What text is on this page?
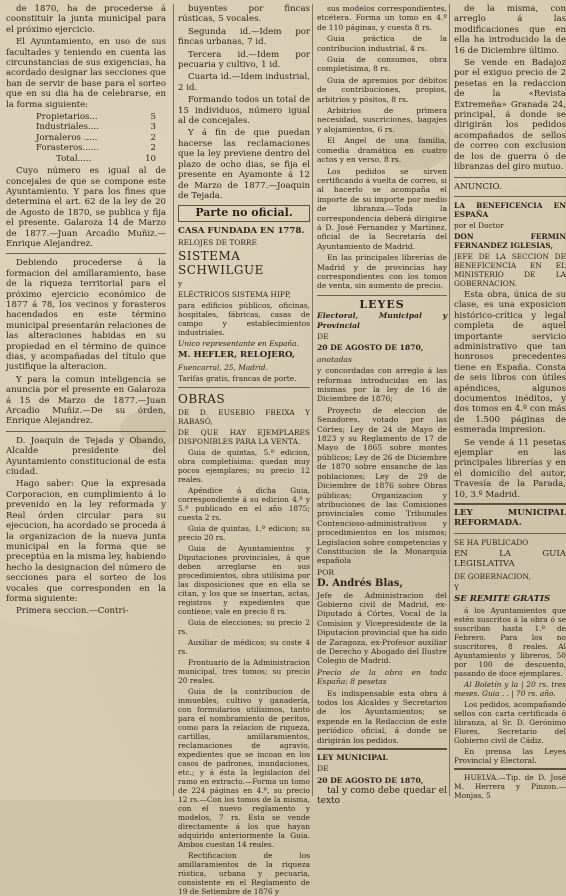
de 1870, ha de procederse á coonstituir la junta municipal para el próximo ejercicio.

El Ayuntamiento, en uso de sus facultades y teniendo en cuenta las circunstancias de sus exigencias, ha acordado designar las secciones que han de servir de base para el sorteo que en su dia ha de celebrarse, en la forma siguiente:

Propietarios...	5
Industriales....	3
Jornaleros .....	2
Forasteros......	2
Total.....	10

Cuyo número es igual al de concejales de que se compone este Ayuntamiento. Y para los fines que determina el art. 62 de la ley de 20 de Agosto de 1870, se publica y fija el presente. Galaroza 14 de Marzo de 1877.—Juan Arcadio Muñiz.—Enrique Alejandrez.

Debiendo procederse á la formacion del amillaramiento, base de la riqueza territorial para el próximo ejercicio económico de 1877 á 78, los vecinos y forasteros hacendados en este término municipal presentarán relaciones de las alteraciones habidas en su propiedad en el término de quince dias, y acompañadas del título que justifique la alteracion.

Y para la comun inteligencia se anuncia por el presente en Galaroza á 15 de Marzo de 1877.—Juan Arcadio Muñiz.—De su órden, Enrique Alejandrez.

D. Joaquin de Tejada y Obando, Alcalde presidente del Ayuntamiento constitucional de esta ciudad.

Hago saber: Que la expresada Corporacion, en cumplimiento á lo prevenido en la ley reformada y Real órden circular para su ejecucion, ha acordado se proceda á la organizacion de la nueva junta municipal en la forma que se preceptúa en la misma ley, habiendo hecho la designacion del número de secciones para el sorteo de los vocales que corresponden en la forma siguiente:

Primera seccion.—Contri-

buyentes por fincas rústicas, 5 vocales.

Segunda id.—Idem por fincas urbanas, 7 id.

Tercera id.—Idem por pecuaria y cultivo, 1 id.

Cuarta id.—Idem industrial, 2 id.

Formando todos un total de 15 individuos, número igual al de concejales.

Y á fin de que puedan hacerse las reclamaciones que la ley previene dentro del plazo de ocho dias, se fija el presente en Ayamonte á 12 de Marzo de 1877.—Joaquin de Tejada.

Parte no oficial.

CASA FUNDADA EN 1778.

RELOJES DE TORRE

SISTEMA SCHWILGUE

y

ELÉCTRICOS SISTEMA HIPP,

para edificios públicos, oficinas, hospitales, fábricas, casas de campo y establecimientos industriales.

Unico representante en España.

M. HEFLER, RELOJERO,

Fuencarral, 25, Madrid.

Tarifas gratis, francas de porte.

OBRAS

DE D. EUSEBIO FREIXA Y RABASÓ,

DE QUE HAY EJEMPLARES DISPONIBLES PARA LA VENTA.

Guia de quintas, 5.ª edicion, obra completísima: quedan muy pocos ejemplares; su precio 12 reales.

Apéndice á dicha Guia, correspondiente á su edicion 4.ª y 5.ª publicado en el año 1875; cuesta 2 rs.

Guia de quintas, 1.ª edicion; su precio 20 rs.

Guia de Ayuntamientos y Diputaciones provinciales, á que deben arreglarse en sus procedimientos, obra utilísima por las disposiciones que en ella se citan, y los que se insertan, actas, registros y expedientes que contiene; vale en precio 8 rs.

Guia de elecciones; su precio 2 rs.

Auxiliar de médicos; su coste 4 rs.

Prontuario de la Administracion municipal, tres tomos; su precio 20 reales.

Guia de la contribucion de inmuebles, cultivo y ganadería, con formularios utilísimos, tanto para el nombramiento de peritos, como para la relacion de riqueza, cartillas, amillaramientos, reclamaciones de agravio, expedientes que se incoan en los casos de padrones, inundaciones, etc.; y á ésta la legislacion del ramo en extracto.—Forma un tomo de 224 páginas en 4.º, su precio 12 rs.—Con los tomos de la misma, con el nuevo reglamento y modelos, 7 rs. Esta se vende directamente á los que hayan adquirido anteriormente la Guia. Ambos cuestan 14 reales.

Rectificacion de los amillaramientos de la riqueza rústica, urbana y pecuaria, consistente en el Reglamento de 19 de Setiembre de 1876 y

sus modelos correspondientes, etcétera. Forma un tomo en 4.º de 110 páginas, y cuesta 8 rs.

Guia práctica de la contribucion industrial, 4 rs.

Guia de consumos, obra completísima, 8 rs.

Guia de apremios por débitos de contribuciones, propios, arbitrios y pósitos, 8 rs.

Arbitrios de primera necesidad, suscriciones, bagajes y alojamientos, 6 rs.

El Angel de una familia, comedia dramática en cuatro actos y en verso, 8 rs.

Los pedidos se sirven certificando á vuelta de correo, si al hacerlo se acompaña el importe de su importe por medio de libranza.—Toda la correspondencia deberá dirigirse á D. José Fernandez y Martinez, oficial de la Secretaría del Ayuntamiento de Madrid.

En las principales librerías de Madrid y de provincias hay correspondientes con los tomos de venta, sin aumento de precio.

LEYES

Electoral, Municipal y Provincial

DE

20 DE AGOSTO DE 1870,

anotadas

y concordadas con arreglo á las reformas introducidas en las mismas por la ley de 16 de Diciembre de 1876;

Proyecto de eleccion de Senadores, votado por las Córtes; Ley de 24 de Mayo de 1823 y su Reglamento de 17 de Mayo de 1865 sobre montes públicos; Ley de 26 de Diciembre de 1870 sobre ensanche de las poblaciones; Ley de 29 de Diciembre de 1876 sobre Obras públicas; Organizacion y atribuciones de las Comisiones provinciales como Tribunales Contencioso-administrativos y procedimientos en los mismos; Legislacion sobre competencias y Constitucion de la Monarquía española

POR

D. Andrés Blas,

Jefe de Administracion del Gobierno civil de Madrid, ex-Diputado á Córtes, Vocal de la Comision y Vicepresidente de la Diputacion provincial que ha sido de Zaragoza, ex-Profesor auxiliar de Derecho y Abogado del Ilustre Colegio de Madrid.

Precio de la obra en toda España: 8 pesetas

Es indispensable esta obra á todos los Alcaldes y Secretarios de los Ayuntamientos; se expende en la Redaccion de este periódico oficial, á donde se dirigirán los pedidos.

LEY MUNICIPAL

DE

20 DE AGOSTO DE 1870,

tal y como debe quedar el texto

de la misma, con arreglo á las modificaciones que en ella ha introducido la de 16 de Diciembre último.

Se vende en Badajoz por el exiguo precio de 2 pesetas en la redaccion de la «Revista Extremeña» Granada 24, principal, á donde se dirigirán los pedidos acompañados de sellos de correo con exclusion de los de guerra ó de libranzas del giro mutuo.

ANUNCIO.

LA BENEFICENCIA EN ESPAÑA

por el Doctor

DON FERMIN FERNANDEZ IGLESIAS,

JEFE DE LA SECCION DE BENEFICENCIA EN EL MINISTERIO DE LA GOBERNACION.

Esta obra, única de su clase, es una exposicion histórico-crítica y legal completa de aquel importante servicio administrativo que tan honrosos precedentes tiene en España. Consta de seis libros con útiles apéndices, algunos documentos inéditos, y dos tomos en 4.º con más de 1.500 páginas de esmerada impresion.

Se vende á 11 pesetas ejemplar en las principales librerías y en el domicilio del autor, Travesía de la Parada, 10, 3.º Madrid.

LEY MUNICIPAL REFORMADA.

SE HA PUBLICADO

EN LA GUIA LEGISLATIVA

DE GOBERNACION,

Y

SE REMITE GRATIS

á los Ayuntamientos que estén suscritos á la obra ó se suscriban hasta 1.º de Febrero. Para los no suscritores, 8 reales. Al Ayuntamiento y libreros, 50 por 100 de descuento, pasando de doce ejemplares.

Al Boletín y la | 20 rs. tres meses. Guia . . | 70 rs. año.

Los pedidos, acompañando sellos con carta certificada ó libranza, al Sr. D. Gerónimo Flores, Secretario del Gobierno civil de Cádiz.

En prensa las Leyes Provincial y Electoral.

HUELVA.—Tip. de D. José M. Herrera y Pinzon.—Monjas, 5
